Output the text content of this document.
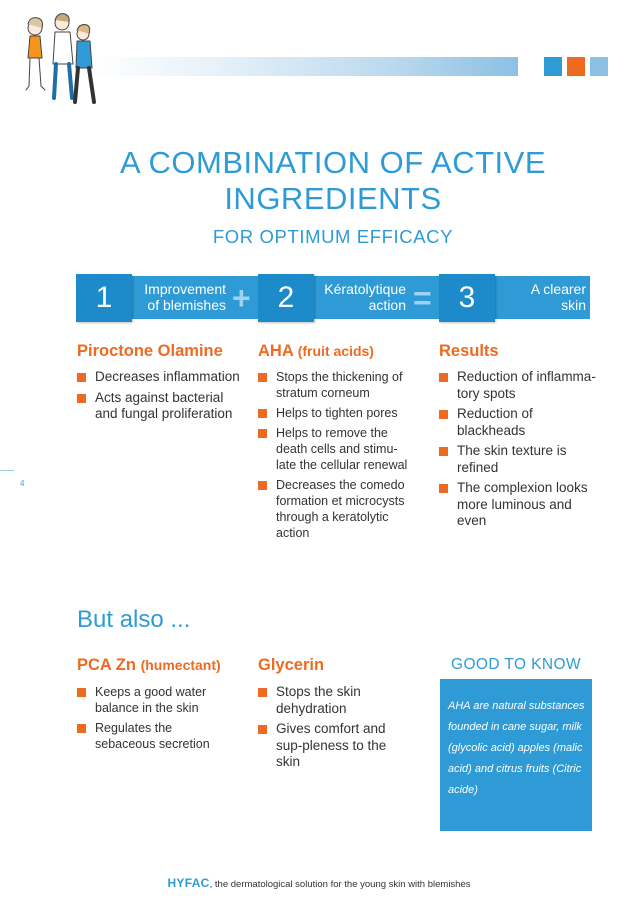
A COMBINATION OF ACTIVE
INGREDIENTS
FOR OPTIMUM EFFICACY
1	Improvement
of blemishes + 2	Kératolytique
action = 3	A clearer
skin
Piroctone Olamine AHA (fruit acids)	Results
Decreases inflammation
Acts against bacterial and fungal proliferation
Stops the thickening of stratum corneum
Helps to tighten pores
Helps to remove the death cells and stimu-late the cellular renewal
Decreases the comedo formation et microcysts through a keratolytic action
Reduction of inflamma-tory spots
Reduction of blackheads
The skin texture is refined
The complexion looks more luminous and even
4
But also ...
PCA Zn (humectant) Glycerin
Keeps a good water balance in the skin
Regulates the sebaceous secretion
Stops the skin dehydration
Gives comfort and sup-pleness to the skin
GOOD TO KNOW
AHA are natural substances founded in cane sugar, milk (glycolic acid) apples (malic acid) and citrus fruits (Citric acide)
HYFAC, the dermatological solution for the young skin with blemishes
